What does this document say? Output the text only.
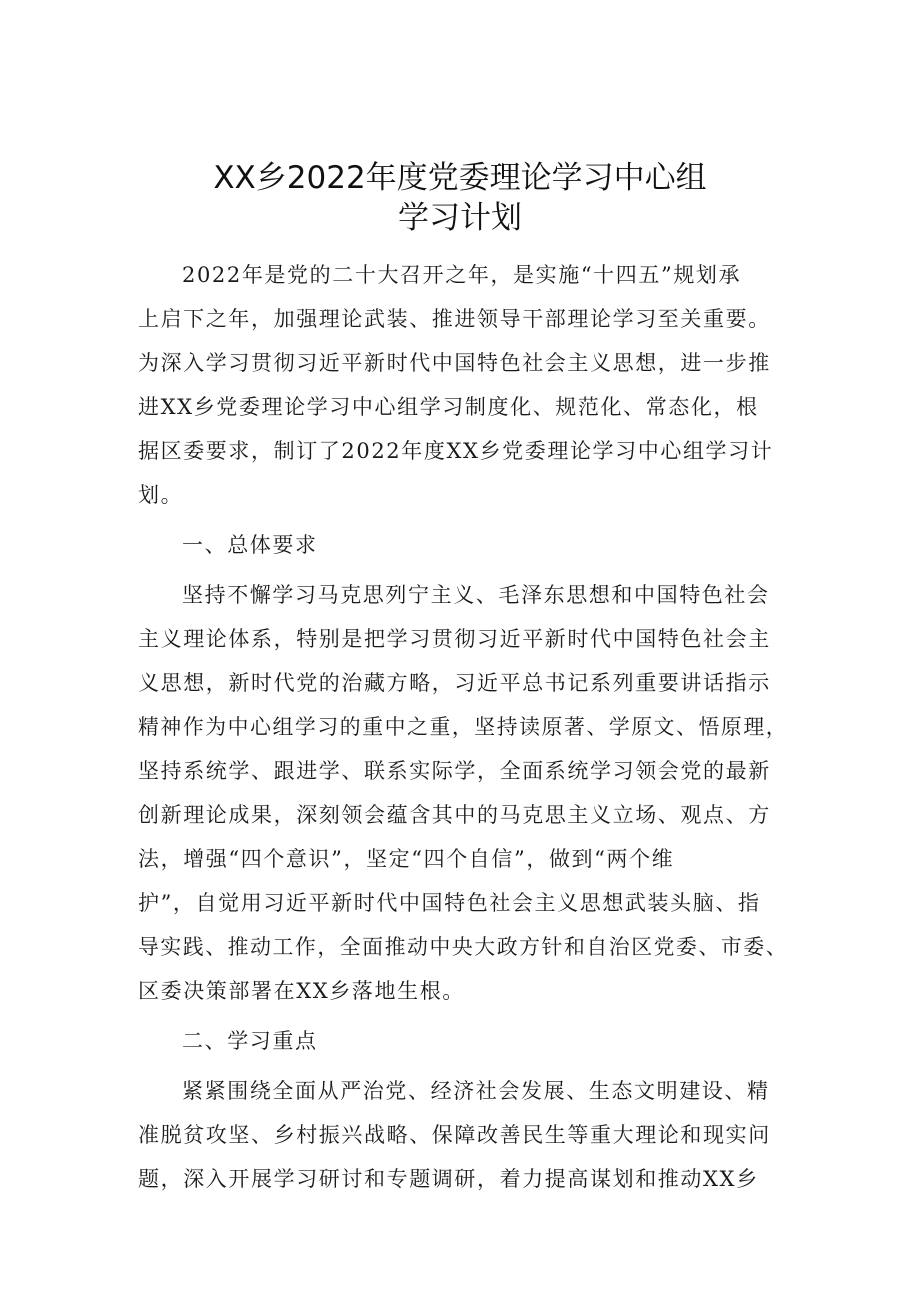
XX乡2022年度党委理论学习中心组
学习计划
2022年是党的二十大召开之年，是实施“十四五”规划承
上启下之年，加强理论武装、推进领导干部理论学习至关重要。
为深入学习贯彻习近平新时代中国特色社会主义思想，进一步推
进XX乡党委理论学习中心组学习制度化、规范化、常态化，根
据区委要求，制订了2022年度XX乡党委理论学习中心组学习计
划。
一、总体要求
坚持不懈学习马克思列宁主义、毛泽东思想和中国特色社会
主义理论体系，特别是把学习贯彻习近平新时代中国特色社会主
义思想，新时代党的治藏方略，习近平总书记系列重要讲话指示
精神作为中心组学习的重中之重，坚持读原著、学原文、悟原理，
坚持系统学、跟进学、联系实际学，全面系统学习领会党的最新
创新理论成果，深刻领会蕴含其中的马克思主义立场、观点、方
法，增强“四个意识”，坚定“四个自信”，做到“两个维
护”，自觉用习近平新时代中国特色社会主义思想武装头脑、指
导实践、推动工作，全面推动中央大政方针和自治区党委、市委、
区委决策部署在XX乡落地生根。
二、学习重点
紧紧围绕全面从严治党、经济社会发展、生态文明建设、精
准脱贫攻坚、乡村振兴战略、保障改善民生等重大理论和现实问
题，深入开展学习研讨和专题调研，着力提高谋划和推动XX乡
